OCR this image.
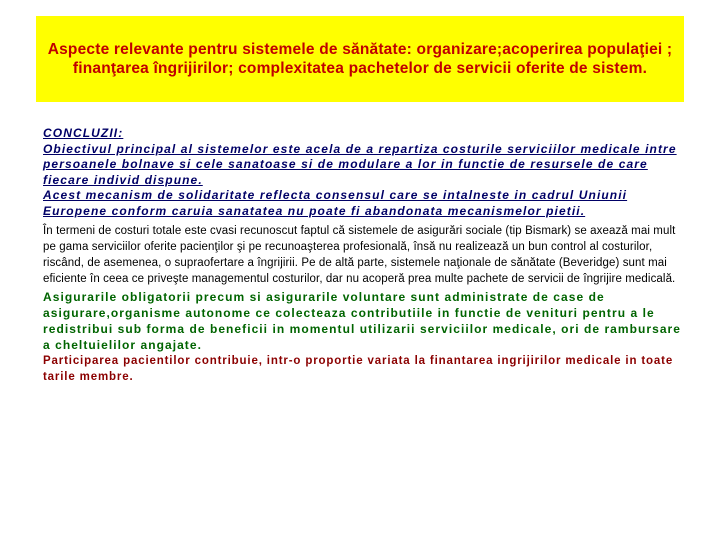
Aspecte relevante pentru sistemele de sănătate: organizare;acoperirea populaţiei ; finanţarea îngrijirilor; complexitatea pachetelor de servicii oferite de sistem.

CONCLUZII:

Obiectivul principal al sistemelor este acela de a repartiza costurile serviciilor medicale intre persoanele bolnave si cele sanatoase si de modulare a lor in functie de resursele de care fiecare individ dispune.

Acest mecanism de solidaritate reflecta consensul care se intalneste in cadrul Uniunii Europene conform caruia sanatatea nu poate fi abandonata mecanismelor pietii.

În termeni de costuri totale este cvasi recunoscut faptul că sistemele de asigurări sociale (tip Bismark) se axează mai mult pe gama serviciilor oferite pacienţilor şi pe recunoaşterea profesională, însă nu realizează un bun control al costurilor, riscând, de asemenea, o supraofertare a îngrijirii. Pe de altă parte, sistemele naţionale de sănătate (Beveridge) sunt mai eficiente în ceea ce priveşte managementul costurilor, dar nu acoperă prea multe pachete de servicii de îngrijire medicală.

Asigurarile obligatorii precum si asigurarile voluntare sunt administrate de case de asigurare,organisme autonome ce colecteaza contributiile in functie de venituri pentru a le redistribui sub forma de beneficii in momentul utilizarii serviciilor medicale, ori de rambursare a cheltuielilor angajate.

Participarea pacientilor contribuie, intr-o proportie variata la finantarea ingrijirilor medicale in toate tarile membre.
